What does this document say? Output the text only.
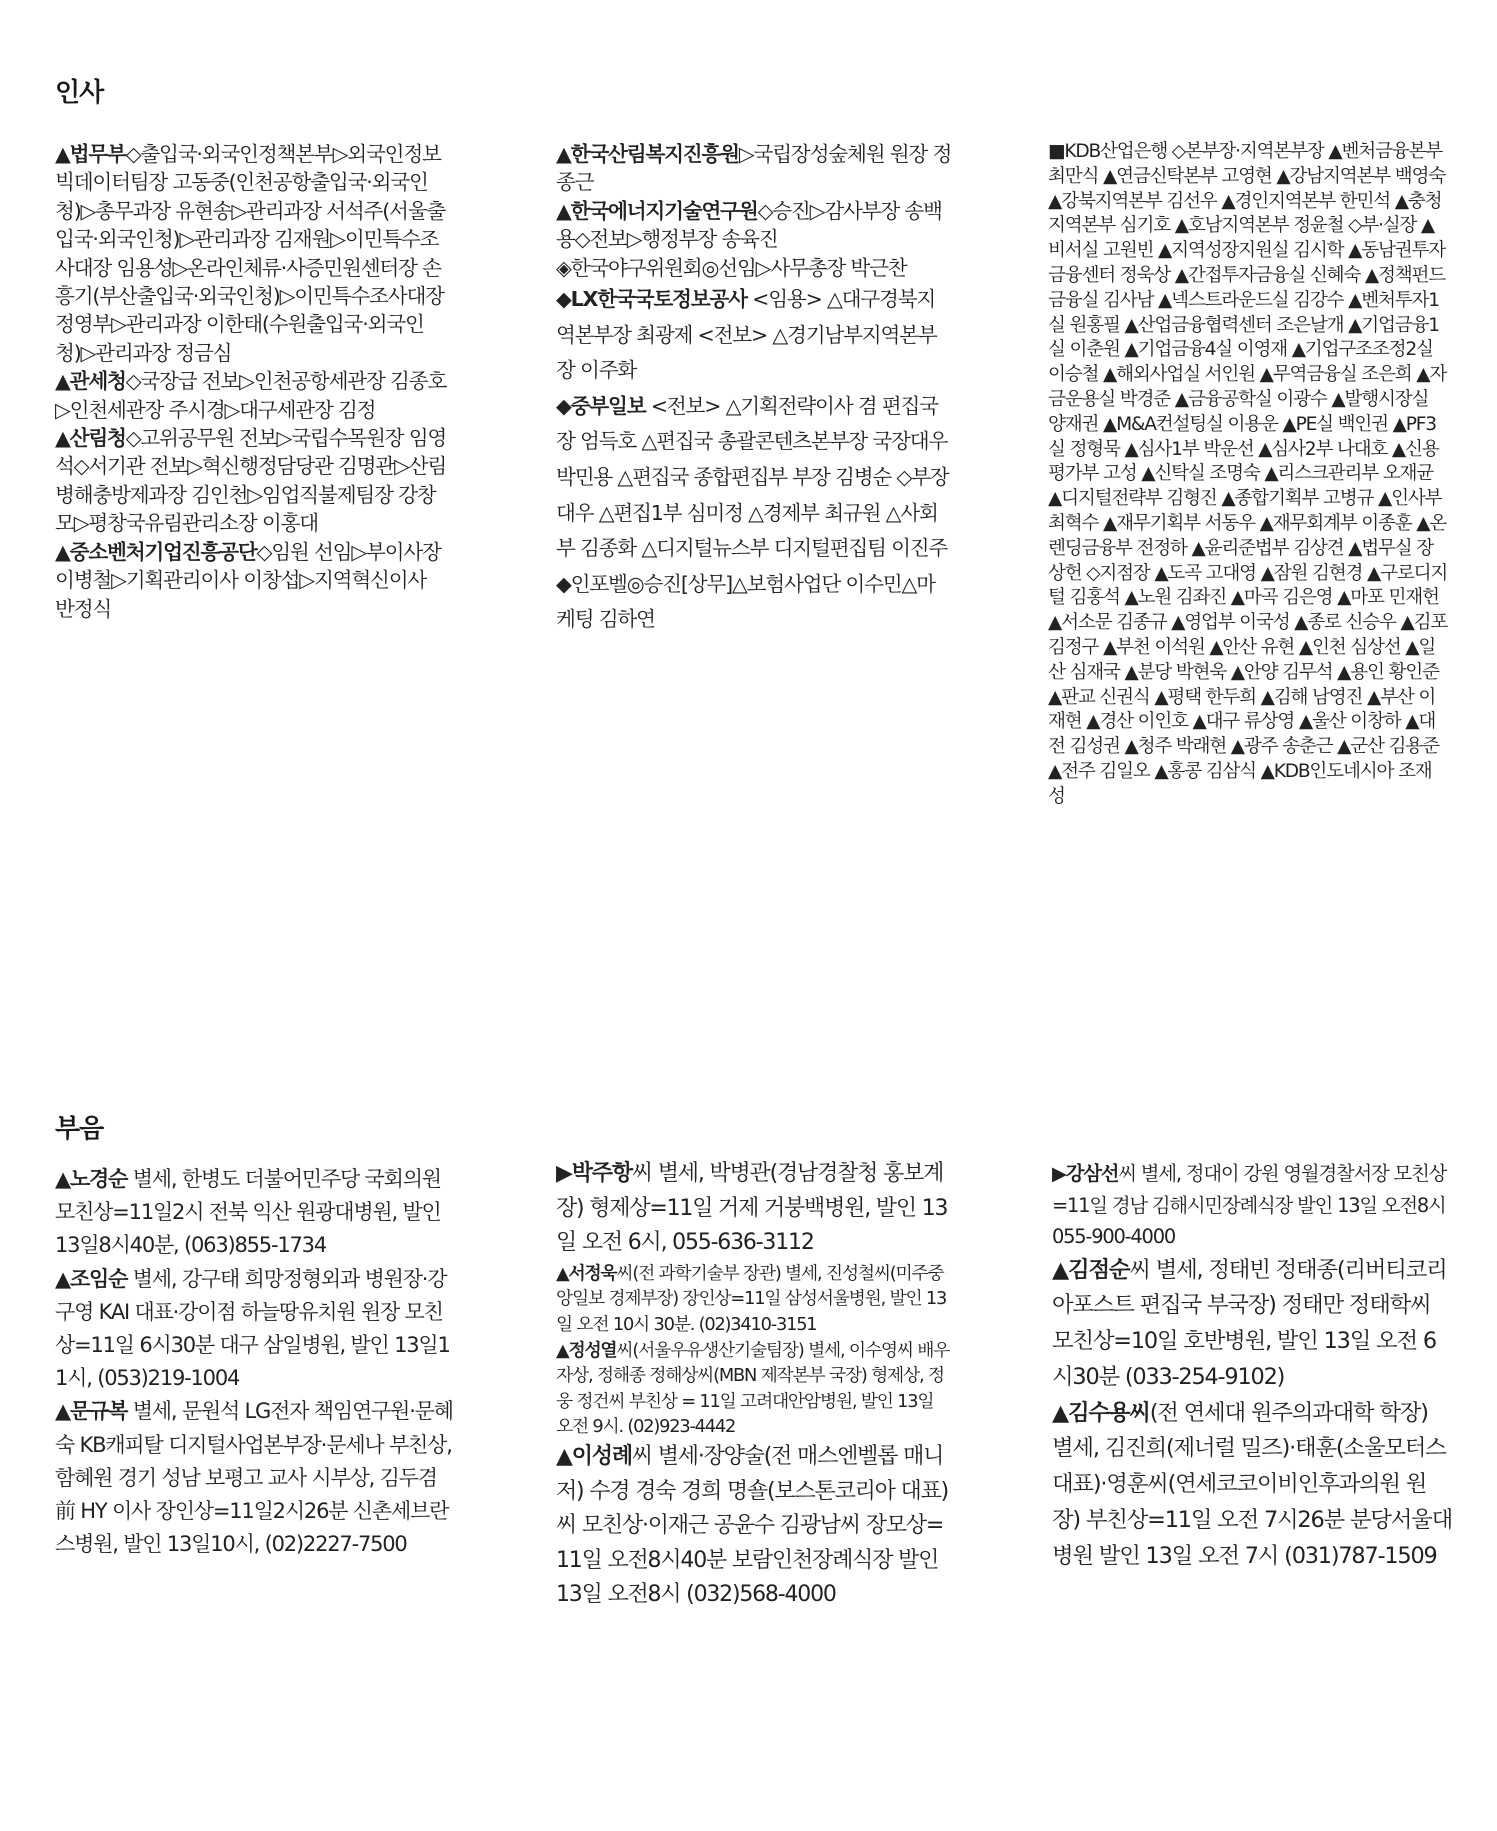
인사

▲법무부◇출입국·외국인정책본부▷외국인정보 빅데이터팀장 고동중(인천공항출입국·외국인청)▷총무과장 유현송▷관리과장 서석주(서울출입국·외국인청)▷관리과장 김재원▷이민특수조사대장 임용성▷온라인체류·사증민원센터장 손흥기(부산출입국·외국인청)▷이민특수조사대장 정영부▷관리과장 이한태(수원출입국·외국인청)▷관리과장 정금심

▲관세청◇국장급 전보▷인천공항세관장 김종호▷인천세관장 주시경▷대구세관장 김정

▲산림청◇고위공무원 전보▷국립수목원장 임영석◇서기관 전보▷혁신행정담당관 김명관▷산림병해충방제과장 김인천▷임업직불제팀장 강창모▷평창국유림관리소장 이홍대

▲중소벤처기업진흥공단◇임원 선임▷부이사장 이병철▷기획관리이사 이창섭▷지역혁신이사 반정식

▲한국산림복지진흥원▷국립장성숲체원 원장 정종근

▲한국에너지기술연구원◇승진▷감사부장 송백용◇전보▷행정부장 송육진

◈한국야구위원회◎선임▷사무총장 박근찬

◆LX한국국토정보공사 <임용> △대구경북지역본부장 최광제 <전보> △경기남부지역본부장 이주화

◆중부일보 <전보> △기획전략이사 겸 편집국장 엄득호 △편집국 총괄콘텐츠본부장 국장대우 박민용 △편집국 종합편집부 부장 김병순 ◇부장대우 △편집1부 심미정 △경제부 최규원 △사회부 김종화 △디지털뉴스부 디지털편집팀 이진주

◆인포벨◎승진[상무]△보험사업단 이수민△마케팅 김하연

■KDB산업은행 ◇본부장·지역본부장 ▲벤처금융본부 최만식 ▲연금신탁본부 고영현 ▲강남지역본부 백영숙 ▲강북지역본부 김선우 ▲경인지역본부 한민석 ▲충청지역본부 심기호 ▲호남지역본부 정윤철 ◇부·실장 ▲비서실 고원빈 ▲지역성장지원실 김시학 ▲동남권투자금융센터 정욱상 ▲간접투자금융실 신혜숙 ▲정책펀드금융실 김사남 ▲넥스트라운드실 김강수 ▲벤처투자1실 원홍필 ▲산업금융협력센터 조은날개 ▲기업금융1실 이춘원 ▲기업금융4실 이영재 ▲기업구조조정2실 이승철 ▲해외사업실 서인원 ▲무역금융실 조은희 ▲자금운용실 박경준 ▲금융공학실 이광수 ▲발행시장실 양재권 ▲M&A컨설팅실 이용운 ▲PE실 백인권 ▲PF3실 정형묵 ▲심사1부 박운선 ▲심사2부 나대호 ▲신용평가부 고성 ▲신탁실 조명숙 ▲리스크관리부 오재균 ▲디지털전략부 김형진 ▲종합기획부 고병규 ▲인사부 최혁수 ▲재무기획부 서동우 ▲재무회계부 이종훈 ▲온렌딩금융부 전정하 ▲윤리준법부 김상견 ▲법무실 장상헌 ◇지점장 ▲도곡 고대영 ▲잠원 김현경 ▲구로디지털 김홍석 ▲노원 김좌진 ▲마곡 김은영 ▲마포 민재헌 ▲서소문 김종규 ▲영업부 이국성 ▲종로 신승우 ▲김포 김정구 ▲부천 이석원 ▲안산 유현 ▲인천 심상선 ▲일산 심재국 ▲분당 박현욱 ▲안양 김무석 ▲용인 황인준 ▲판교 신권식 ▲평택 한두희 ▲김해 남영진 ▲부산 이재현 ▲경산 이인호 ▲대구 류상영 ▲울산 이창하 ▲대전 김성권 ▲청주 박래현 ▲광주 송춘근 ▲군산 김용준 ▲전주 김일오 ▲홍콩 김삼식 ▲KDB인도네시아 조재성

부음

▲노경순 별세, 한병도 더불어민주당 국회의원 모친상=11일2시 전북 익산 원광대병원, 발인 13일8시40분, (063)855-1734

▲조임순 별세, 강구태 희망정형외과 병원장·강구영 KAI 대표·강이점 하늘땅유치원 원장 모친상=11일 6시30분 대구 삼일병원, 발인 13일11시, (053)219-1004

▲문규복 별세, 문원석 LG전자 책임연구원·문혜숙 KB캐피탈 디지털사업본부장·문세나 부친상, 함혜원 경기 성남 보평고 교사 시부상, 김두겸 前 HY 이사 장인상=11일2시26분 신촌세브란스병원, 발인 13일10시, (02)2227-7500

▶박주항씨 별세, 박병관(경남경찰청 홍보계장) 형제상=11일 거제 거붕백병원, 발인 13일 오전 6시, 055-636-3112

▲서정욱씨(전 과학기술부 장관) 별세, 진성철씨(미주중앙일보 경제부장) 장인상=11일 삼성서울병원, 발인 13일 오전 10시 30분. (02)3410-3151

▲정성열씨(서울우유생산기술팀장) 별세, 이수영씨 배우자상, 정해종 정해상씨(MBN 제작본부 국장) 형제상, 정웅 정건씨 부친상 = 11일 고려대안암병원, 발인 13일 오전 9시. (02)923-4442

▲이성례씨 별세·장양술(전 매스엔벨롭 매니저) 수경 경숙 경희 명숄(보스톤코리아 대표)씨 모친상·이재근 공윤수 김광남씨 장모상=11일 오전8시40분 보람인천장례식장 발인 13일 오전8시 (032)568-4000

▶강삼선씨 별세, 정대이 강원 영월경찰서장 모친상=11일 경남 김해시민장례식장 발인 13일 오전8시 055-900-4000

▲김점순씨 별세, 정태빈 정태종(리버티코리아포스트 편집국 부국장) 정태만 정태학씨 모친상=10일 호반병원, 발인 13일 오전 6시30분 (033-254-9102)

▲김수용씨(전 연세대 원주의과대학 학장) 별세, 김진희(제너럴 밀즈)·태훈(소울모터스 대표)·영훈씨(연세코코이비인후과의원 원장) 부친상=11일 오전 7시26분 분당서울대병원 발인 13일 오전 7시 (031)787-1509
